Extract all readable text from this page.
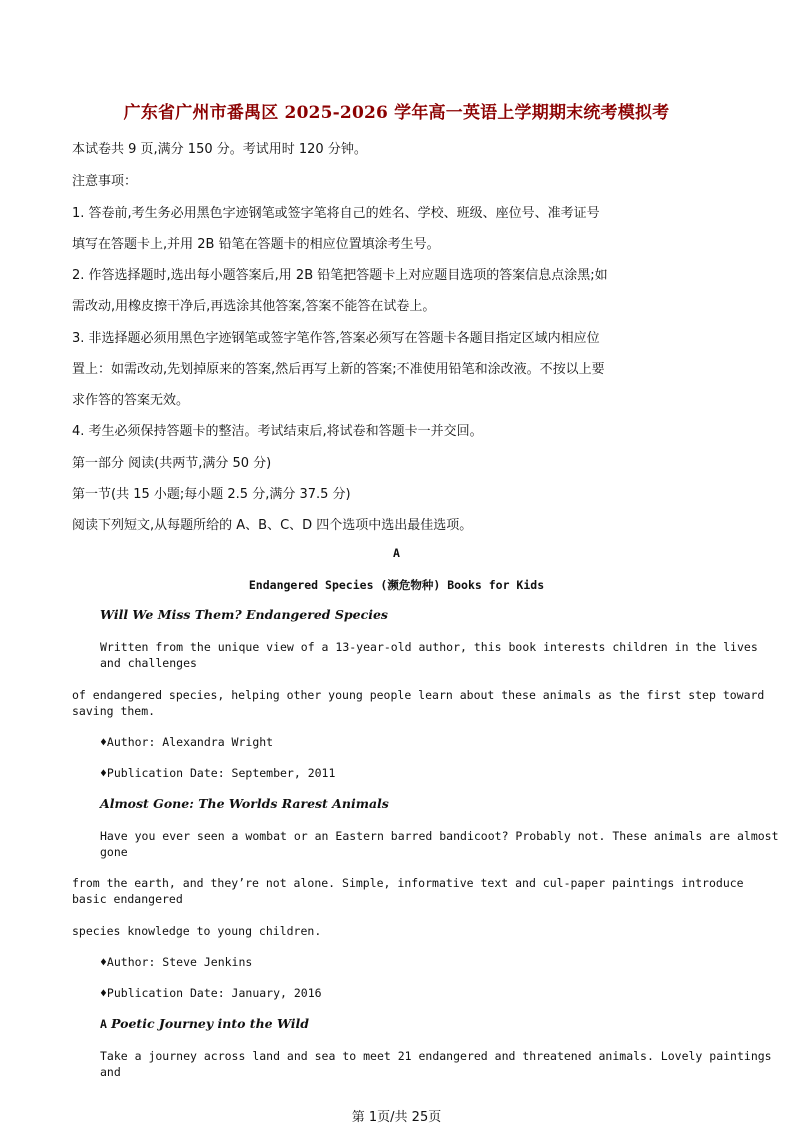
广东省广州市番禺区 2025-2026 学年高一英语上学期期末统考模拟考
本试卷共 9 页,满分 150 分。考试用时 120 分钟。
注意事项：
1. 答卷前,考生务必用黑色字迹钢笔或签字笔将自己的姓名、学校、班级、座位号、准考证号
填写在答题卡上,并用 2B 铅笔在答题卡的相应位置填涂考生号。
2. 作答选择题时,选出每小题答案后,用 2B 铅笔把答题卡上对应题目选项的答案信息点涂黑;如
需改动,用橡皮擦干净后,再选涂其他答案,答案不能答在试卷上。
3. 非选择题必须用黑色字迹钢笔或签字笔作答,答案必须写在答题卡各题目指定区域内相应位
置上：如需改动,先划掉原来的答案,然后再写上新的答案;不准使用铅笔和涂改液。不按以上要
求作答的答案无效。
4. 考生必须保持答题卡的整洁。考试结束后,将试卷和答题卡一并交回。
第一部分 阅读(共两节,满分 50 分)
第一节(共 15 小题;每小题 2.5 分,满分 37.5 分)
阅读下列短文,从每题所给的 A、B、C、D 四个选项中选出最佳选项。
A
Endangered Species (濒危物种) Books for Kids
Will We Miss Them? Endangered Species
Written from the unique view of a 13-year-old author, this book interests children in the lives
and challenges
of endangered species, helping other young people learn about these animals as the first step toward
saving them.
♦Author: Alexandra Wright
♦Publication Date: September, 2011
Almost Gone: The Worlds Rarest Animals
Have you ever seen a wombat or an Eastern barred bandicoot? Probably not. These animals are almost
gone
from the earth, and they’re not alone. Simple, informative text and cul-paper paintings introduce
basic endangered
species knowledge to young children.
♦Author: Steve Jenkins
♦Publication Date: January, 2016
A Poetic Journey into the Wild
Take a journey across land and sea to meet 21 endangered and threatened animals. Lovely paintings
and
第 1页/共 25页
